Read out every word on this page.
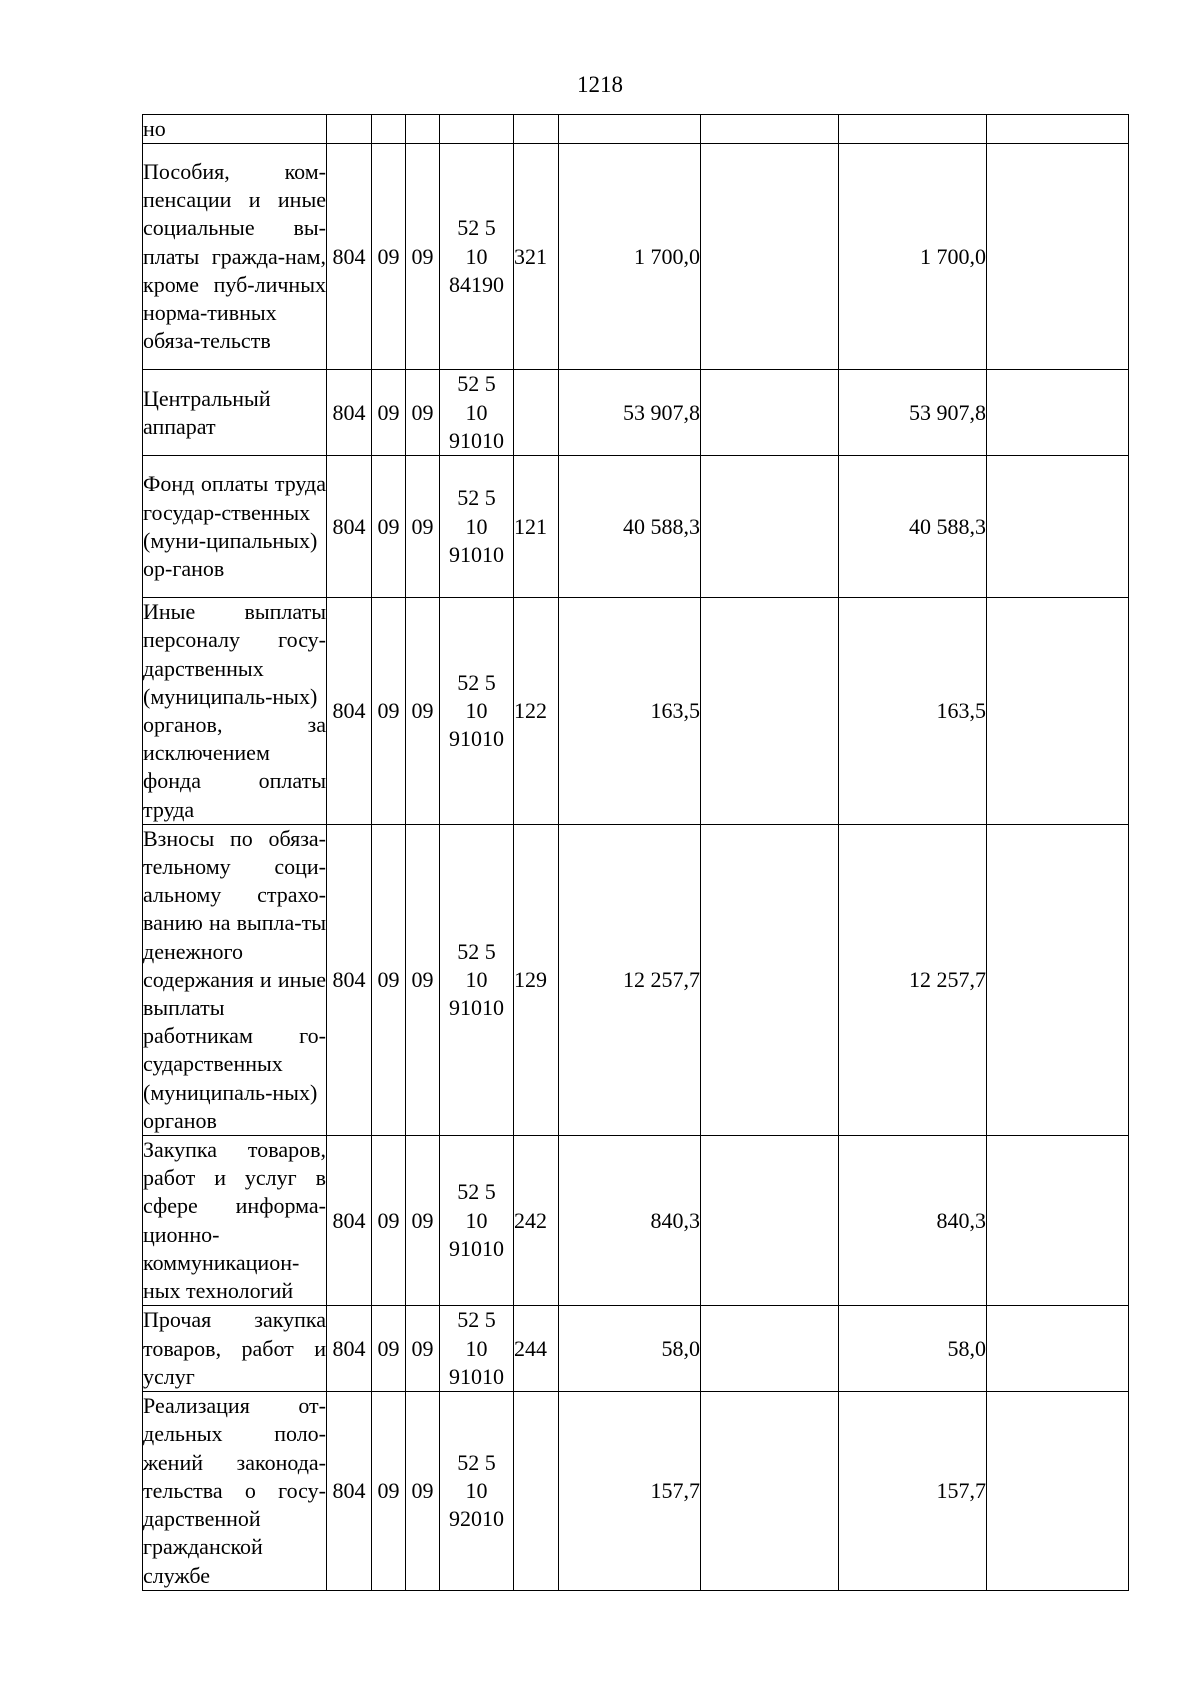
1218
но									
Пособия, ком-пенсации и иные социальные вы-платы гражда-нам, кроме пуб-личных норма-тивных обяза-тельств	804	09	09	52 5
10
84190	321	1 700,0		1 700,0	
Центральный аппарат	804	09	09	52 5
10
91010		53 907,8		53 907,8	
Фонд оплаты труда государ-ственных (муни-ципальных) ор-ганов	804	09	09	52 5
10
91010	121	40 588,3		40 588,3	
Иные выплаты персоналу госу-дарственных (муниципаль-ных) органов, за исключением фонда оплаты труда	804	09	09	52 5
10
91010	122	163,5		163,5	
Взносы по обяза-тельному соци-альному страхо-ванию на выпла-ты денежного содержания и иные выплаты работникам го-сударственных (муниципаль-ных) органов	804	09	09	52 5
10
91010	129	12 257,7		12 257,7	
Закупка товаров, работ и услуг в сфере информа-ционно-коммуникацион-ных технологий	804	09	09	52 5
10
91010	242	840,3		840,3	
Прочая закупка товаров, работ и услуг	804	09	09	52 5
10
91010	244	58,0		58,0	
Реализация от-дельных поло-жений законода-тельства о госу-дарственной гражданской службе	804	09	09	52 5
10
92010		157,7		157,7	
